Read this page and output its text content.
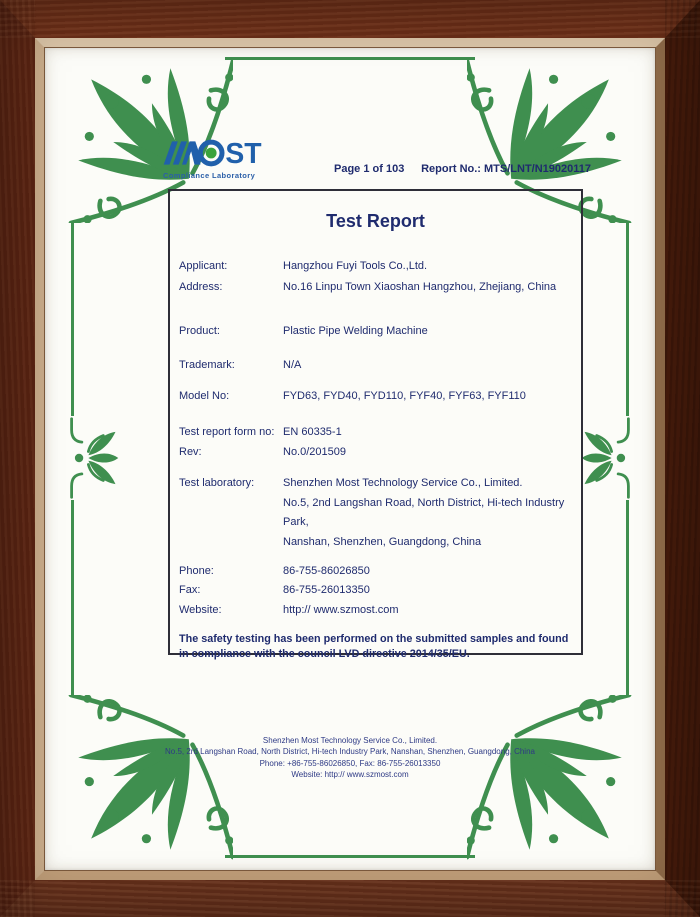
ST
Compliance Laboratory
Page 1 of 103 Report No.: MTS/LNT/N19020117
Test Report
Applicant:	Hangzhou Fuyi Tools Co.,Ltd.
Address:	No.16 Linpu Town Xiaoshan Hangzhou, Zhejiang, China
Product:	Plastic Pipe Welding Machine
Trademark:	N/A
Model No:	FYD63, FYD40, FYD110, FYF40, FYF63, FYF110
Test report form no: EN 60335-1
Rev:	No.0/201509
Test laboratory:	Shenzhen Most Technology Service Co., Limited.
No.5, 2nd Langshan Road, North District, Hi-tech Industry Park,
Nanshan, Shenzhen, Guangdong, China
Phone:	86-755-86026850
Fax:	86-755-26013350
Website:	http:// www.szmost.com
The safety testing has been performed on the submitted samples and found in compliance with the council LVD directive 2014/35/EU.
Shenzhen Most Technology Service Co., Limited.
No.5, 2rd Langshan Road, North District, Hi-tech Industry Park, Nanshan, Shenzhen, Guangdong, China
Phone: +86-755-86026850, Fax: 86-755-26013350
Website: http:// www.szmost.com
